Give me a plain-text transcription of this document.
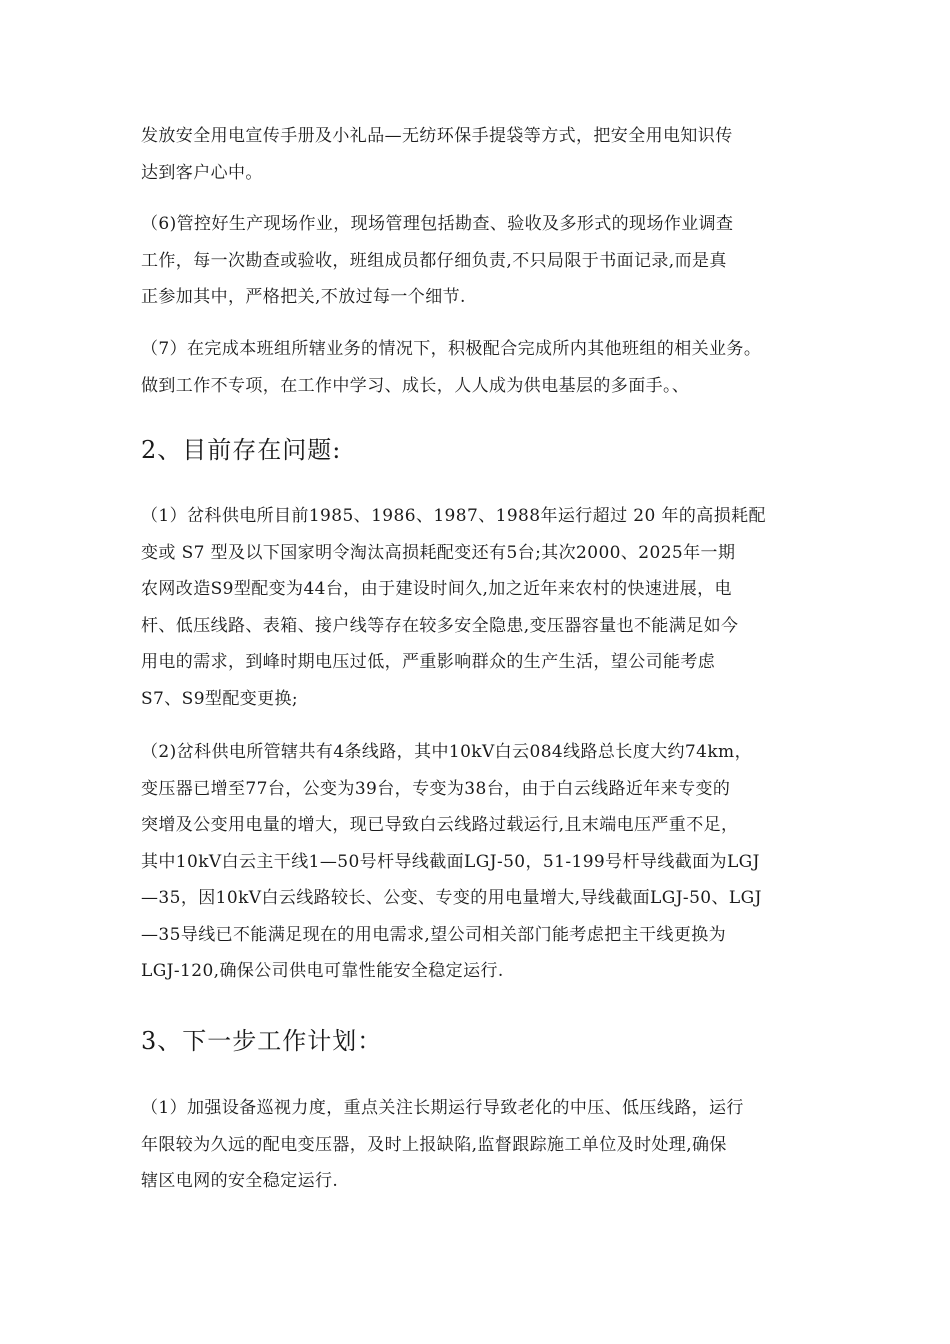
发放安全用电宣传手册及小礼品—无纺环保手提袋等方式，把安全用电知识传
达到客户心中。

（6)管控好生产现场作业，现场管理包括勘查、验收及多形式的现场作业调查
工作，每一次勘查或验收，班组成员都仔细负责,不只局限于书面记录,而是真
正参加其中，严格把关,不放过每一个细节.

（7）在完成本班组所辖业务的情况下，积极配合完成所内其他班组的相关业务。
做到工作不专项，在工作中学习、成长，人人成为供电基层的多面手。、

2、目前存在问题:

（1）岔科供电所目前1985、1986、1987、1988年运行超过 20 年的高损耗配
变或 S7 型及以下国家明令淘汰高损耗配变还有5台;其次2000、2025年一期
农网改造S9型配变为44台，由于建设时间久,加之近年来农村的快速进展，电
杆、低压线路、表箱、接户线等存在较多安全隐患,变压器容量也不能满足如今
用电的需求，到峰时期电压过低，严重影响群众的生产生活，望公司能考虑
S7、S9型配变更换;

（2)岔科供电所管辖共有4条线路，其中10kV白云084线路总长度大约74km，
变压器已增至77台，公变为39台，专变为38台，由于白云线路近年来专变的
突增及公变用电量的增大，现已导致白云线路过载运行,且末端电压严重不足，
其中10kV白云主干线1—50号杆导线截面LGJ-50，51-199号杆导线截面为LGJ
—35，因10kV白云线路较长、公变、专变的用电量增大,导线截面LGJ-50、LGJ
—35导线已不能满足现在的用电需求,望公司相关部门能考虑把主干线更换为
LGJ-120,确保公司供电可靠性能安全稳定运行.

3、下一步工作计划：

（1）加强设备巡视力度，重点关注长期运行导致老化的中压、低压线路，运行
年限较为久远的配电变压器，及时上报缺陷,监督跟踪施工单位及时处理,确保
辖区电网的安全稳定运行.
